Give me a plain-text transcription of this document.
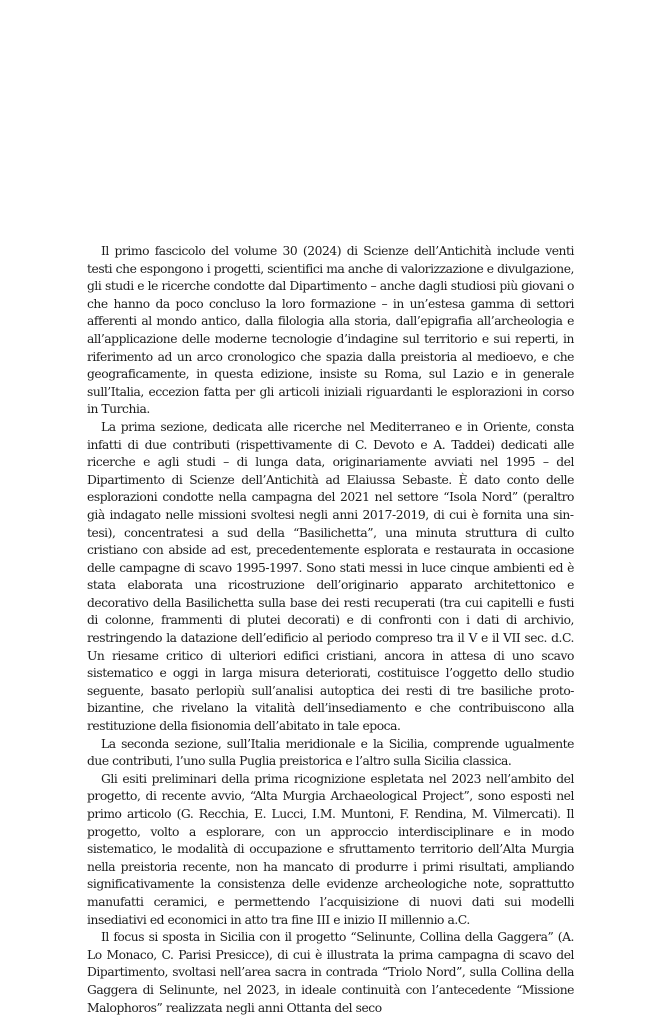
Il primo fascicolo del volume 30 (2024) di Scienze dell’Antichità include venti testi che espongono i progetti, scientifici ma anche di valorizzazione e divulgazione, gli studi e le ricerche condotte dal Dipartimento – anche dagli studiosi più giovani o che hanno da poco concluso la loro formazione – in un’estesa gamma di settori afferenti al mondo antico, dalla filologia alla storia, dall’epigrafia all’archeologia e all’applicazione delle moderne tecnologie d’indagine sul territorio e sui reperti, in riferimento ad un arco cronologico che spazia dalla preistoria al medioevo, e che geograficamente, in questa edizione, insiste su Roma, sul Lazio e in generale sull’Italia, eccezion fatta per gli articoli iniziali riguardanti le esplorazioni in corso in Turchia.

La prima sezione, dedicata alle ricerche nel Mediterraneo e in Oriente, consta infatti di due contributi (rispettivamente di C. Devoto e A. Taddei) dedicati alle ricerche e agli studi – di lunga data, originariamente avviati nel 1995 – del Dipartimento di Scienze dell’Antichità ad Elaiussa Sebaste. È dato conto delle esplorazioni condotte nella campagna del 2021 nel settore “Isola Nord” (peraltro già indagato nelle missioni svoltesi negli anni 2017-2019, di cui è fornita una sintesi), concentratesi a sud della “Basilichetta”, una minuta struttura di culto cristiano con abside ad est, precedentemente esplorata e restaurata in occasione delle campagne di scavo 1995-1997. Sono stati messi in luce cinque ambienti ed è stata elaborata una ricostruzione dell’originario apparato architettonico e decorativo della Basilichetta sulla base dei resti recuperati (tra cui capitelli e fusti di colonne, frammenti di plutei decorati) e di confronti con i dati di archivio, restringendo la datazione dell’edificio al periodo compreso tra il V e il VII sec. d.C. Un riesame critico di ulteriori edifici cristiani, ancora in attesa di uno scavo sistematico e oggi in larga misura deteriorati, costituisce l’oggetto dello studio seguente, basato perlopiù sull’analisi autoptica dei resti di tre basiliche proto-bizantine, che rivelano la vitalità dell’insediamento e che contribuiscono alla restituzione della fisionomia dell’abitato in tale epoca.

La seconda sezione, sull’Italia meridionale e la Sicilia, comprende ugualmente due contributi, l’uno sulla Puglia preistorica e l’altro sulla Sicilia classica.

Gli esiti preliminari della prima ricognizione espletata nel 2023 nell’ambito del progetto, di recente avvio, “Alta Murgia Archaeological Project”, sono esposti nel primo articolo (G. Recchia, E. Lucci, I.M. Muntoni, F. Rendina, M. Vilmercati). Il progetto, volto a esplorare, con un approccio interdisciplinare e in modo sistematico, le modalità di occupazione e sfruttamento territorio dell’Alta Murgia nella preistoria recente, non ha mancato di produrre i primi risultati, ampliando significativamente la consistenza delle evidenze archeologiche note, soprattutto manufatti ceramici, e permettendo l’acquisizione di nuovi dati sui modelli insediativi ed economici in atto tra fine III e inizio II millennio a.C.

Il focus si sposta in Sicilia con il progetto “Selinunte, Collina della Gaggera” (A. Lo Monaco, C. Parisi Presicce), di cui è illustrata la prima campagna di scavo del Dipartimento, svoltasi nell’area sacra in contrada “Triolo Nord”, sulla Collina della Gaggera di Selinunte, nel 2023, in ideale continuità con l’antecedente “Missione Malophoros” realizzata negli anni Ottanta del seco
